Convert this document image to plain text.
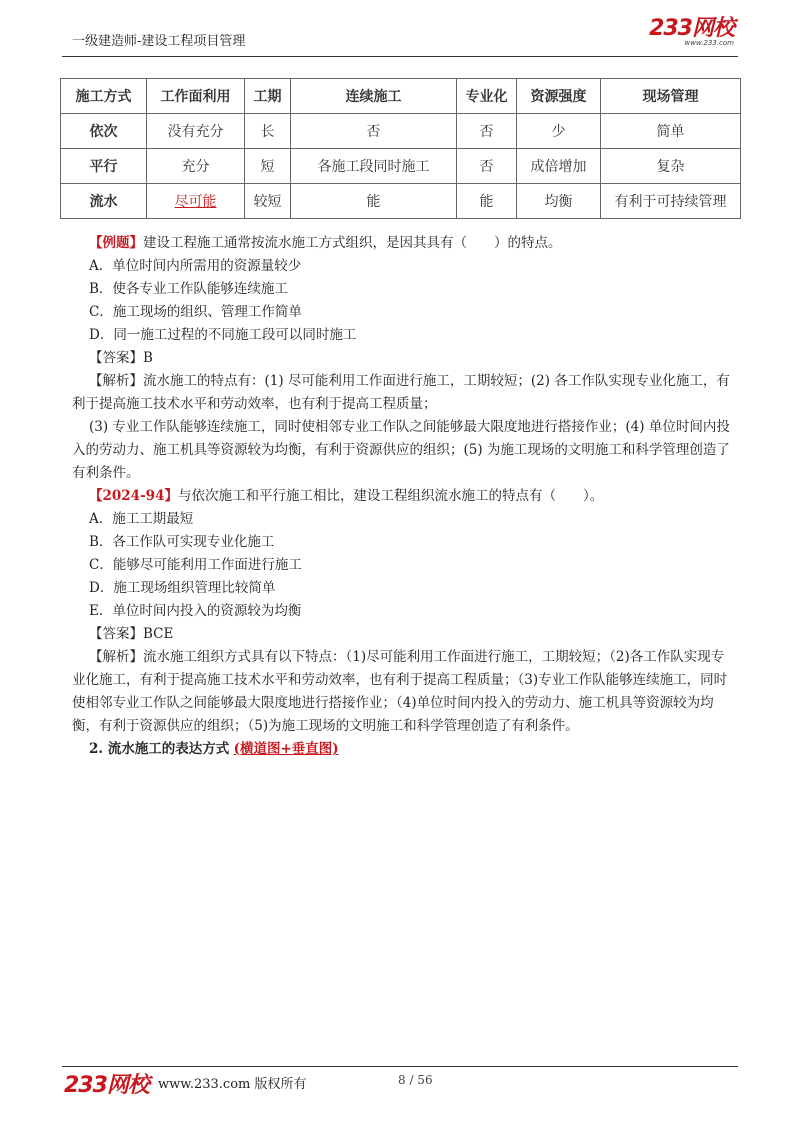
一级建造师-建设工程项目管理
233网校
www.233.com
施工方式	工作面利用	工期	连续施工	专业化	资源强度	现场管理
依次	没有充分	长	否	否	少	简单
平行	充分	短	各施工段同时施工	否	成倍增加	复杂
流水	尽可能	较短	能	能	均衡	有利于可持续管理

【例题】建设工程施工通常按流水施工方式组织，是因其具有（　　）的特点。

A．单位时间内所需用的资源量较少

B．使各专业工作队能够连续施工

C．施工现场的组织、管理工作简单

D．同一施工过程的不同施工段可以同时施工

【答案】B

【解析】流水施工的特点有：(1) 尽可能利用工作面进行施工，工期较短；(2) 各工作队实现专业化施工，有利于提高施工技术水平和劳动效率，也有利于提高工程质量；

(3) 专业工作队能够连续施工，同时使相邻专业工作队之间能够最大限度地进行搭接作业；(4) 单位时间内投入的劳动力、施工机具等资源较为均衡，有利于资源供应的组织；(5) 为施工现场的文明施工和科学管理创造了有利条件。

【2024-94】与依次施工和平行施工相比，建设工程组织流水施工的特点有（　　）。

A．施工工期最短

B．各工作队可实现专业化施工

C．能够尽可能利用工作面进行施工

D．施工现场组织管理比较简单

E．单位时间内投入的资源较为均衡

【答案】BCE

【解析】流水施工组织方式具有以下特点：（1)尽可能利用工作面进行施工，工期较短；（2)各工作队实现专业化施工，有利于提高施工技术水平和劳动效率，也有利于提高工程质量；（3)专业工作队能够连续施工，同时使相邻专业工作队之间能够最大限度地进行搭接作业；（4)单位时间内投入的劳动力、施工机具等资源较为均衡，有利于资源供应的组织；（5)为施工现场的文明施工和科学管理创造了有利条件。

2. 流水施工的表达方式 (横道图+垂直图)

233网校 www.233.com 版权所有	8 / 56
